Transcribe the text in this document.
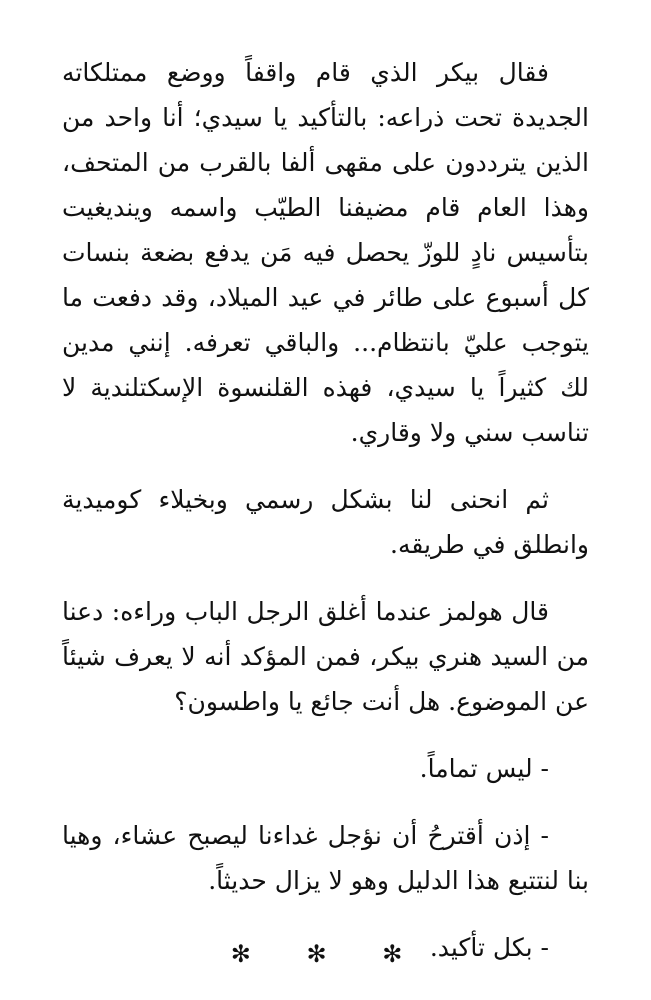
فقال بيكر الذي قام واقفاً ووضع ممتلكاته الجديدة تحت ذراعه: بالتأكيد يا سيدي؛ أنا واحد من الذين يترددون على مقهى ألفا بالقرب من المتحف، وهذا العام قام مضيفنا الطيّب واسمه وينديغيت بتأسيس نادٍ للوزّ يحصل فيه مَن يدفع بضعة بنسات كل أسبوع على طائر في عيد الميلاد، وقد دفعت ما يتوجب عليّ بانتظام... والباقي تعرفه. إنني مدين لك كثيراً يا سيدي، فهذه القلنسوة الإسكتلندية لا تناسب سني ولا وقاري.

ثم انحنى لنا بشكل رسمي وبخيلاء كوميدية وانطلق في طريقه.

قال هولمز عندما أغلق الرجل الباب وراءه: دعنا من السيد هنري بيكر، فمن المؤكد أنه لا يعرف شيئاً عن الموضوع. هل أنت جائع يا واطسون؟

- ليس تماماً.

- إذن أقترحُ أن نؤجل غداءنا ليصبح عشاء، وهيا بنا لنتتبع هذا الدليل وهو لا يزال حديثاً.

- بكل تأكيد.

✻ ✻ ✻
